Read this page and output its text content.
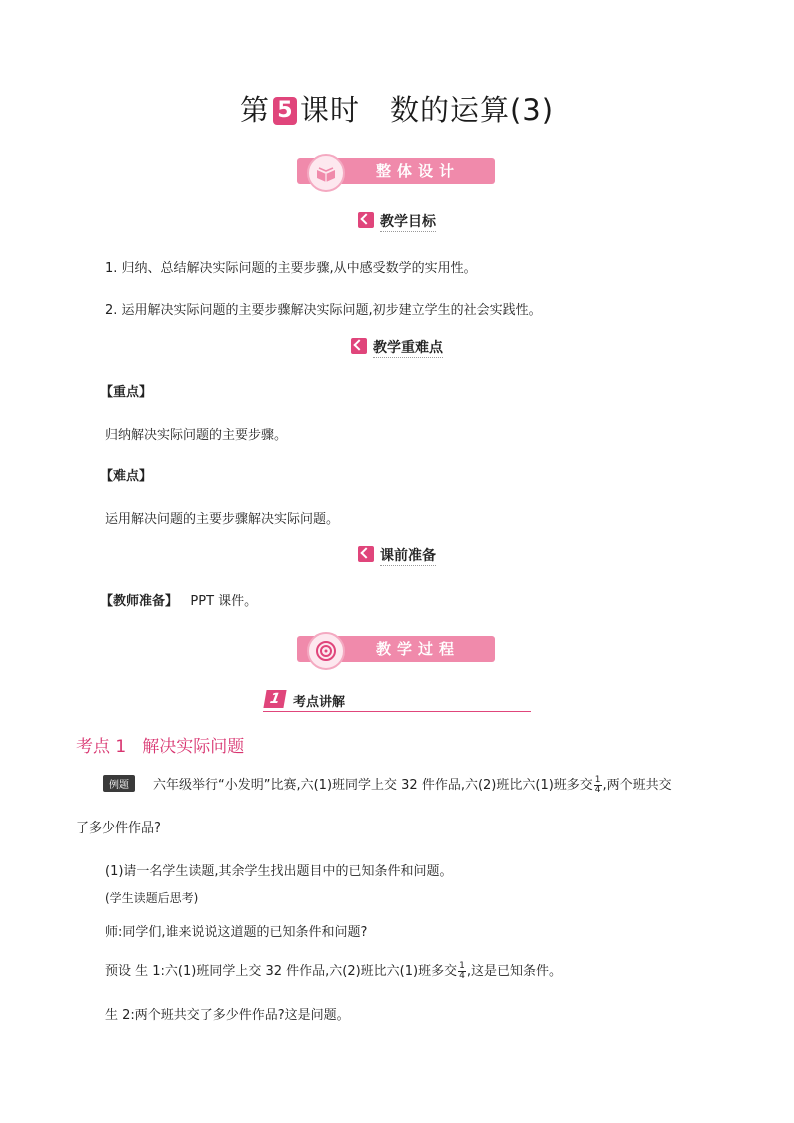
第 5 课时 数的运算(3)
整体设计
教学目标
1. 归纳、总结解决实际问题的主要步骤,从中感受数学的实用性。
2. 运用解决实际问题的主要步骤解决实际问题,初步建立学生的社会实践性。
教学重难点
【重点】
归纳解决实际问题的主要步骤。
【难点】
运用解决问题的主要步骤解决实际问题。
课前准备
【教师准备】 PPT 课件。
教学过程
1 考点讲解
考点 1 解决实际问题
例题 六年级举行“小发明”比赛,六(1)班同学上交 32 件作品,六(2)班比六(1)班多交 $\frac{1}{4}$ ,两个班共交
了多少件作品?
(1)请一名学生读题,其余学生找出题目中的已知条件和问题。
(学生读题后思考)
师:同学们,谁来说说这道题的已知条件和问题?
预设 生 1:六(1)班同学上交 32 件作品,六(2)班比六(1)班多交 $\frac{1}{4}$ ,这是已知条件。
生 2:两个班共交了多少件作品?这是问题。
